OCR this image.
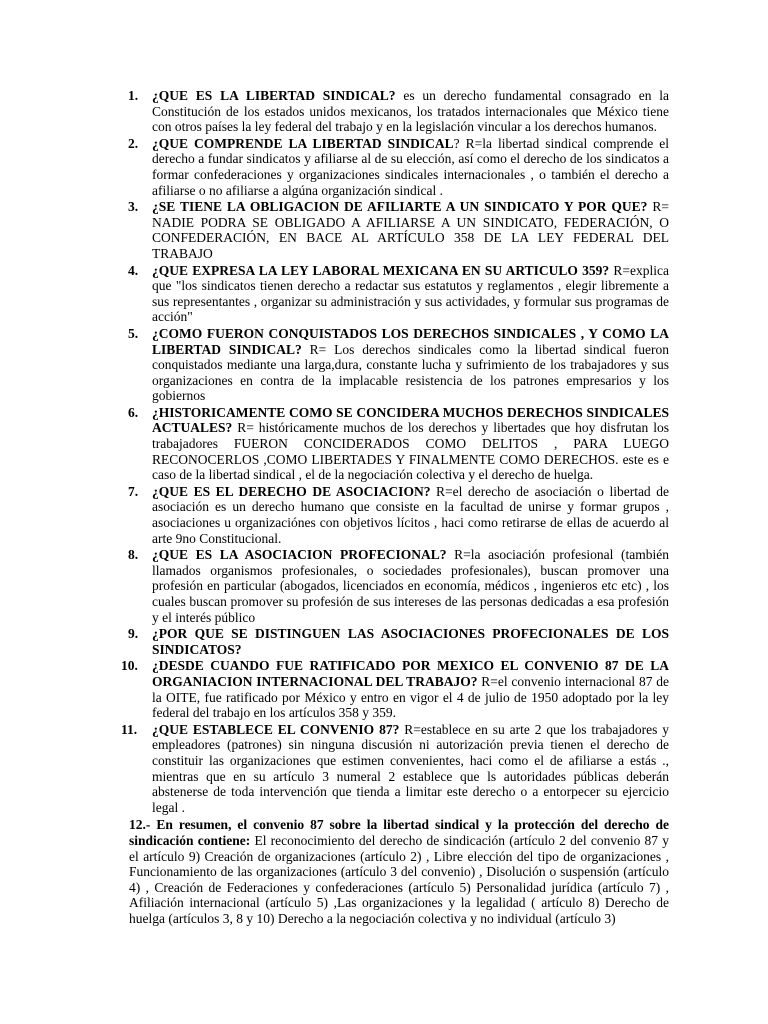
1. ¿QUE ES LA LIBERTAD SINDICAL? es un derecho fundamental consagrado en la Constitución de los estados unidos mexicanos, los tratados internacionales que México tiene con otros países la ley federal del trabajo y en la legislación vincular a los derechos humanos.
2. ¿QUE COMPRENDE LA LIBERTAD SINDICAL? R=la libertad sindical comprende el derecho a fundar sindicatos y afiliarse al de su elección, así como el derecho de los sindicatos a formar confederaciones y organizaciones sindicales internacionales , o también el derecho a afiliarse o no afiliarse a algúna organización sindical .
3. ¿SE TIENE LA OBLIGACION DE AFILIARTE A UN SINDICATO Y POR QUE? R= NADIE PODRA SE OBLIGADO A AFILIARSE A UN SINDICATO, FEDERACIÓN, O CONFEDERACIÓN, EN BACE AL ARTÍCULO 358 DE LA LEY FEDERAL DEL TRABAJO
4. ¿QUE EXPRESA LA LEY LABORAL MEXICANA EN SU ARTICULO 359? R=explica que "los sindicatos tienen derecho a redactar sus estatutos y reglamentos , elegir libremente a sus representantes , organizar su administración y sus actividades, y formular sus programas de acción"
5. ¿COMO FUERON CONQUISTADOS LOS DERECHOS SINDICALES , Y COMO LA LIBERTAD SINDICAL? R= Los derechos sindicales como la libertad sindical fueron conquistados mediante una larga,dura, constante lucha y sufrimiento de los trabajadores y sus organizaciones en contra de la implacable resistencia de los patrones empresarios y los gobiernos
6. ¿HISTORICAMENTE COMO SE CONCIDERA MUCHOS DERECHOS SINDICALES ACTUALES? R= históricamente muchos de los derechos y libertades que hoy disfrutan los trabajadores FUERON CONCIDERADOS COMO DELITOS , PARA LUEGO RECONOCERLOS ,COMO LIBERTADES Y FINALMENTE COMO DERECHOS. este es e caso de la libertad sindical , el de la negociación colectiva y el derecho de huelga.
7. ¿QUE ES EL DERECHO DE ASOCIACION? R=el derecho de asociación o libertad de asociación es un derecho humano que consiste en la facultad de unirse y formar grupos , asociaciones u organizaciónes con objetivos lícitos , haci como retirarse de ellas de acuerdo al arte 9no Constitucional.
8. ¿QUE ES LA ASOCIACION PROFECIONAL? R=la asociación profesional (también llamados organismos profesionales, o sociedades profesionales), buscan promover una profesión en particular (abogados, licenciados en economía, médicos , ingenieros etc etc) , los cuales buscan promover su profesión de sus intereses de las personas dedicadas a esa profesión y el interés público
9. ¿POR QUE SE DISTINGUEN LAS ASOCIACIONES PROFECIONALES DE LOS SINDICATOS?
10. ¿DESDE CUANDO FUE RATIFICADO POR MEXICO EL CONVENIO 87 DE LA ORGANIACION INTERNACIONAL DEL TRABAJO? R=el convenio internacional 87 de la OITE, fue ratificado por México y entro en vigor el 4 de julio de 1950 adoptado por la ley federal del trabajo en los artículos 358 y 359.
11. ¿QUE ESTABLECE EL CONVENIO 87? R=establece en su arte 2 que los trabajadores y empleadores (patrones) sin ninguna discusión ni autorización previa tienen el derecho de constituir las organizaciones que estimen convenientes, haci como el de afiliarse a estás ., mientras que en su artículo 3 numeral 2 establece que ls autoridades públicas deberán abstenerse de toda intervención que tienda a limitar este derecho o a entorpecer su ejercicio legal .

12.- En resumen, el convenio 87 sobre la libertad sindical y la protección del derecho de sindicación contiene: El reconocimiento del derecho de sindicación (artículo 2 del convenio 87 y el artículo 9) Creación de organizaciones (artículo 2) , Libre elección del tipo de organizaciones , Funcionamiento de las organizaciones (artículo 3 del convenio) , Disolución o suspensión (artículo 4) , Creación de Federaciones y confederaciones (artículo 5) Personalidad jurídica (artículo 7) , Afiliación internacional (artículo 5) ,Las organizaciones y la legalidad ( artículo 8) Derecho de huelga (artículos 3, 8 y 10) Derecho a la negociación colectiva y no individual (artículo 3)
